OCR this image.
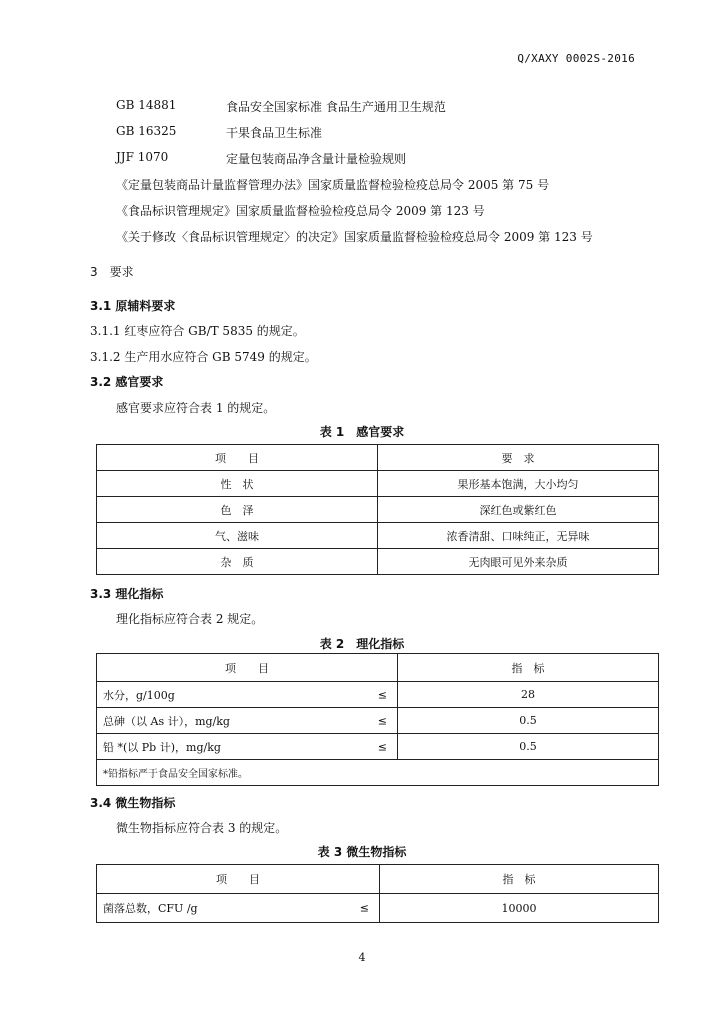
Q/XAXY 0002S-2016
GB 14881	食品安全国家标准 食品生产通用卫生规范
GB 16325	干果食品卫生标准
JJF 1070	定量包装商品净含量计量检验规则
《定量包装商品计量监督管理办法》国家质量监督检验检疫总局令 2005 第 75 号
《食品标识管理规定》国家质量监督检验检疫总局令 2009 第 123 号
《关于修改〈食品标识管理规定〉的决定》国家质量监督检验检疫总局令 2009 第 123 号
3　要求
3.1 原辅料要求
3.1.1 红枣应符合 GB/T 5835 的规定。
3.1.2 生产用水应符合 GB 5749 的规定。
3.2 感官要求
感官要求应符合表 1 的规定。
表 1　感官要求
项　　目	要　求
性　状	果形基本饱满，大小均匀
色　泽	深红色或紫红色
气、滋味	浓香清甜、口味纯正，无异味
杂　质	无肉眼可见外来杂质
3.3 理化指标
理化指标应符合表 2 规定。
表 2　理化指标
项　　目	指　标
水分，g/100g ≤	28
总砷（以 As 计），mg/kg ≤	0.5
铅 *(以 Pb 计)，mg/kg ≤	0.5
*铅指标严于食品安全国家标准。	
3.4 微生物指标
微生物指标应符合表 3 的规定。
表 3 微生物指标
项　　目	指　标
菌落总数，CFU /g ≤	10000
4
